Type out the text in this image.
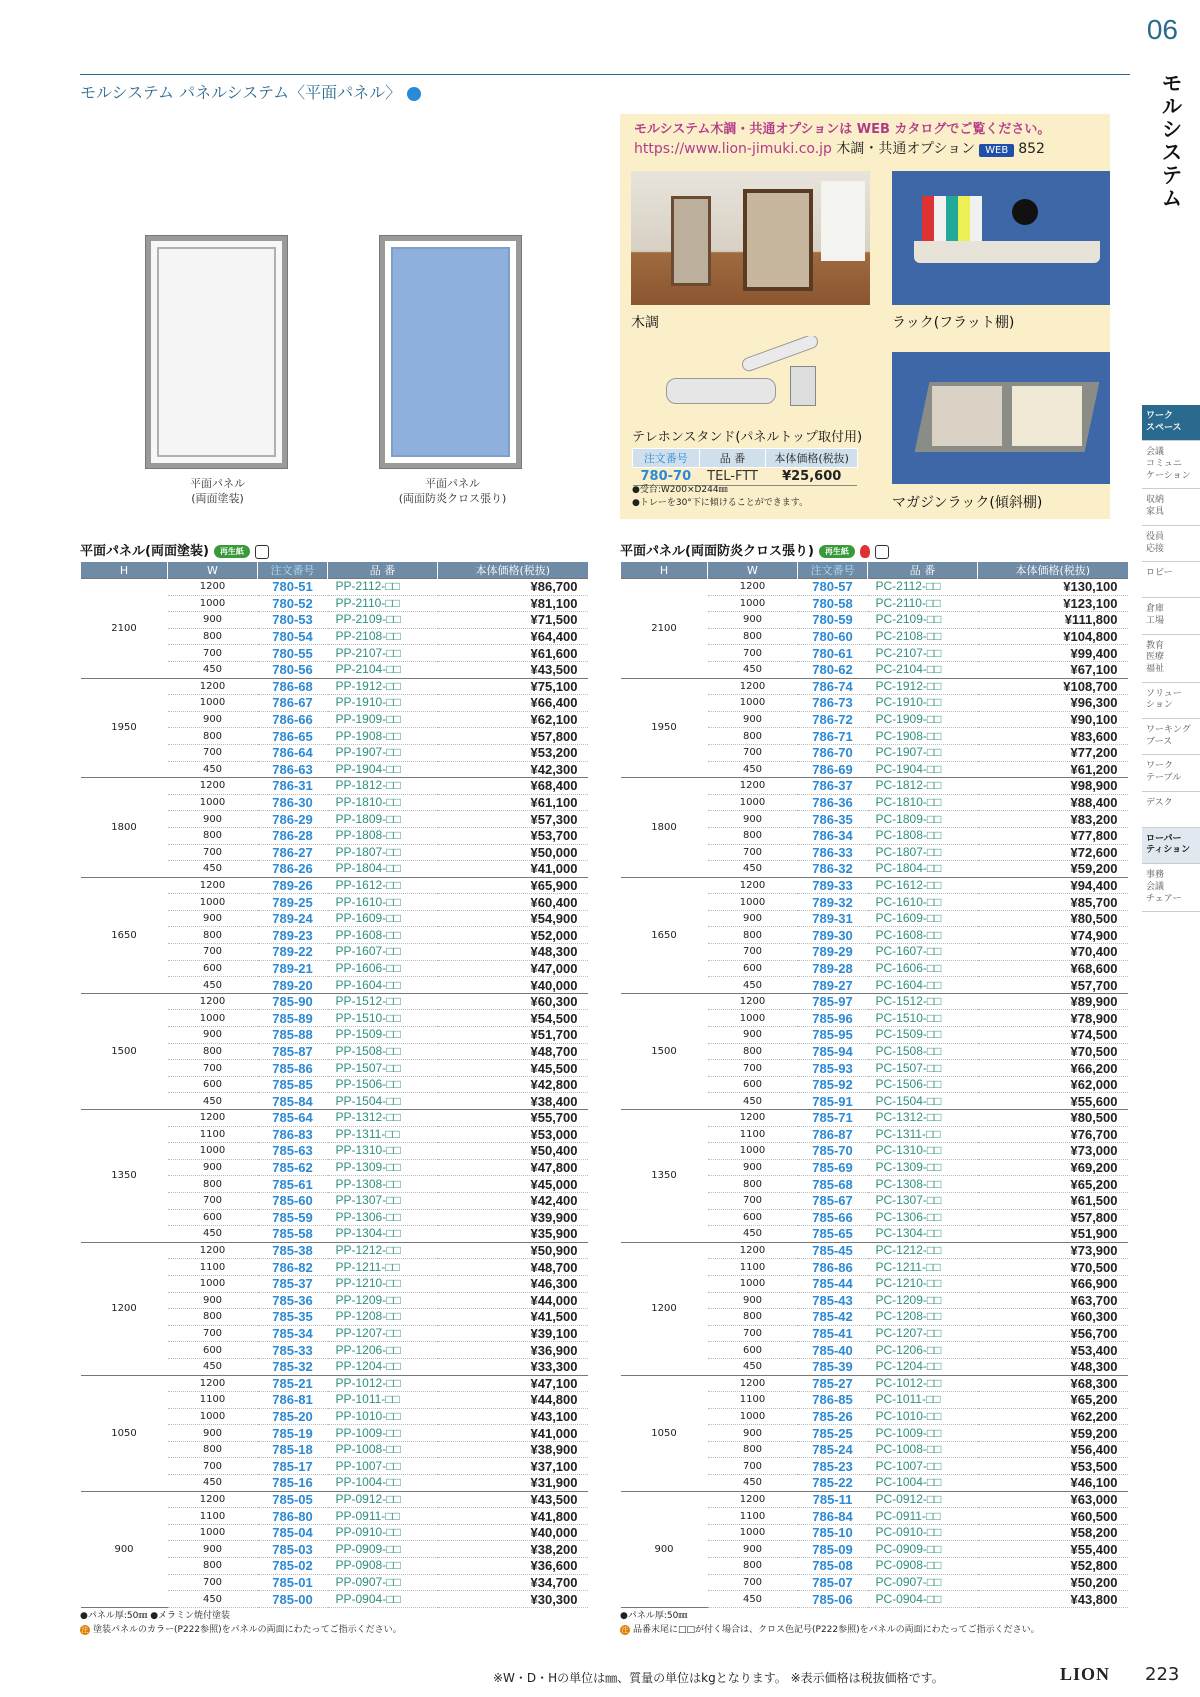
06
モルシステム
モルシステム パネルシステム〈平面パネル〉
ワーク
スペース
会議
コミュニ
ケーション
収納
家具
役員
応接
ロビー
倉庫
工場
教育
医療
福祉
ソリュー
ション
ワーキング
ブース
ワーク
テーブル
デスク
ローパー
ティション
事務
会議
チェアー
平面パネル
(両面塗装)
平面パネル
(両面防炎クロス張り)
モルシステム木調・共通オプションは WEB カタログでご覧ください。
https://www.lion-jimuki.co.jp 木調・共通オプション WEB 852
木調	ラック(フラット棚)
テレホンスタンド(パネルトップ取付用)
注文番号	品 番	本体価格(税抜)
780-70	TEL-FTT	¥25,600
●受台:W200×D244㎜
●トレーを30°下に傾けることができます。	マガジンラック(傾斜棚)
平面パネル(両面塗装) 再生紙	平面パネル(両面防炎クロス張り) 再生紙
H	W	注文番号	品 番	本体価格(税抜)
2100	1200	780-51	PP-2112-□□	¥86,700
	1000	780-52	PP-2110-□□	¥81,100
	900	780-53	PP-2109-□□	¥71,500
	800	780-54	PP-2108-□□	¥64,400
	700	780-55	PP-2107-□□	¥61,600
	450	780-56	PP-2104-□□	¥43,500
1950	1200	786-68	PP-1912-□□	¥75,100
	1000	786-67	PP-1910-□□	¥66,400
	900	786-66	PP-1909-□□	¥62,100
	800	786-65	PP-1908-□□	¥57,800
	700	786-64	PP-1907-□□	¥53,200
	450	786-63	PP-1904-□□	¥42,300
1800	1200	786-31	PP-1812-□□	¥68,400
	1000	786-30	PP-1810-□□	¥61,100
	900	786-29	PP-1809-□□	¥57,300
	800	786-28	PP-1808-□□	¥53,700
	700	786-27	PP-1807-□□	¥50,000
	450	786-26	PP-1804-□□	¥41,000
1650	1200	789-26	PP-1612-□□	¥65,900
	1000	789-25	PP-1610-□□	¥60,400
	900	789-24	PP-1609-□□	¥54,900
	800	789-23	PP-1608-□□	¥52,000
	700	789-22	PP-1607-□□	¥48,300
	600	789-21	PP-1606-□□	¥47,000
	450	789-20	PP-1604-□□	¥40,000
1500	1200	785-90	PP-1512-□□	¥60,300
	1000	785-89	PP-1510-□□	¥54,500
	900	785-88	PP-1509-□□	¥51,700
	800	785-87	PP-1508-□□	¥48,700
	700	785-86	PP-1507-□□	¥45,500
	600	785-85	PP-1506-□□	¥42,800
	450	785-84	PP-1504-□□	¥38,400
1350	1200	785-64	PP-1312-□□	¥55,700
	1100	786-83	PP-1311-□□	¥53,000
	1000	785-63	PP-1310-□□	¥50,400
	900	785-62	PP-1309-□□	¥47,800
	800	785-61	PP-1308-□□	¥45,000
	700	785-60	PP-1307-□□	¥42,400
	600	785-59	PP-1306-□□	¥39,900
	450	785-58	PP-1304-□□	¥35,900
1200	1200	785-38	PP-1212-□□	¥50,900
	1100	786-82	PP-1211-□□	¥48,700
	1000	785-37	PP-1210-□□	¥46,300
	900	785-36	PP-1209-□□	¥44,000
	800	785-35	PP-1208-□□	¥41,500
	700	785-34	PP-1207-□□	¥39,100
	600	785-33	PP-1206-□□	¥36,900
	450	785-32	PP-1204-□□	¥33,300
1050	1200	785-21	PP-1012-□□	¥47,100
	1100	786-81	PP-1011-□□	¥44,800
	1000	785-20	PP-1010-□□	¥43,100
	900	785-19	PP-1009-□□	¥41,000
	800	785-18	PP-1008-□□	¥38,900
	700	785-17	PP-1007-□□	¥37,100
	450	785-16	PP-1004-□□	¥31,900
900	1200	785-05	PP-0912-□□	¥43,500
	1100	786-80	PP-0911-□□	¥41,800
	1000	785-04	PP-0910-□□	¥40,000
	900	785-03	PP-0909-□□	¥38,200
	800	785-02	PP-0908-□□	¥36,600
	700	785-01	PP-0907-□□	¥34,700
	450	785-00	PP-0904-□□	¥30,300
H	W	注文番号	品 番	本体価格(税抜)
2100	1200	780-57	PC-2112-□□	¥130,100
	1000	780-58	PC-2110-□□	¥123,100
	900	780-59	PC-2109-□□	¥111,800
	800	780-60	PC-2108-□□	¥104,800
	700	780-61	PC-2107-□□	¥99,400
	450	780-62	PC-2104-□□	¥67,100
1950	1200	786-74	PC-1912-□□	¥108,700
	1000	786-73	PC-1910-□□	¥96,300
	900	786-72	PC-1909-□□	¥90,100
	800	786-71	PC-1908-□□	¥83,600
	700	786-70	PC-1907-□□	¥77,200
	450	786-69	PC-1904-□□	¥61,200
1800	1200	786-37	PC-1812-□□	¥98,900
	1000	786-36	PC-1810-□□	¥88,400
	900	786-35	PC-1809-□□	¥83,200
	800	786-34	PC-1808-□□	¥77,800
	700	786-33	PC-1807-□□	¥72,600
	450	786-32	PC-1804-□□	¥59,200
1650	1200	789-33	PC-1612-□□	¥94,400
	1000	789-32	PC-1610-□□	¥85,700
	900	789-31	PC-1609-□□	¥80,500
	800	789-30	PC-1608-□□	¥74,900
	700	789-29	PC-1607-□□	¥70,400
	600	789-28	PC-1606-□□	¥68,600
	450	789-27	PC-1604-□□	¥57,700
1500	1200	785-97	PC-1512-□□	¥89,900
	1000	785-96	PC-1510-□□	¥78,900
	900	785-95	PC-1509-□□	¥74,500
	800	785-94	PC-1508-□□	¥70,500
	700	785-93	PC-1507-□□	¥66,200
	600	785-92	PC-1506-□□	¥62,000
	450	785-91	PC-1504-□□	¥55,600
1350	1200	785-71	PC-1312-□□	¥80,500
	1100	786-87	PC-1311-□□	¥76,700
	1000	785-70	PC-1310-□□	¥73,000
	900	785-69	PC-1309-□□	¥69,200
	800	785-68	PC-1308-□□	¥65,200
	700	785-67	PC-1307-□□	¥61,500
	600	785-66	PC-1306-□□	¥57,800
	450	785-65	PC-1304-□□	¥51,900
1200	1200	785-45	PC-1212-□□	¥73,900
	1100	786-86	PC-1211-□□	¥70,500
	1000	785-44	PC-1210-□□	¥66,900
	900	785-43	PC-1209-□□	¥63,700
	800	785-42	PC-1208-□□	¥60,300
	700	785-41	PC-1207-□□	¥56,700
	600	785-40	PC-1206-□□	¥53,400
	450	785-39	PC-1204-□□	¥48,300
1050	1200	785-27	PC-1012-□□	¥68,300
	1100	786-85	PC-1011-□□	¥65,200
	1000	785-26	PC-1010-□□	¥62,200
	900	785-25	PC-1009-□□	¥59,200
	800	785-24	PC-1008-□□	¥56,400
	700	785-23	PC-1007-□□	¥53,500
	450	785-22	PC-1004-□□	¥46,100
900	1200	785-11	PC-0912-□□	¥63,000
	1100	786-84	PC-0911-□□	¥60,500
	1000	785-10	PC-0910-□□	¥58,200
	900	785-09	PC-0909-□□	¥55,400
	800	785-08	PC-0908-□□	¥52,800
	700	785-07	PC-0907-□□	¥50,200
	450	785-06	PC-0904-□□	¥43,800
●パネル厚:50㎜ ●メラミン焼付塗装
注 塗装パネルのカラー(P222参照)をパネルの両面にわたってご指示ください。
●パネル厚:50㎜
注 品番末尾に□□が付く場合は、クロス色記号(P222参照)をパネルの両面にわたってご指示ください。
※W・D・Hの単位は㎜、質量の単位はkgとなります。 ※表示価格は税抜価格です。	LION 223
